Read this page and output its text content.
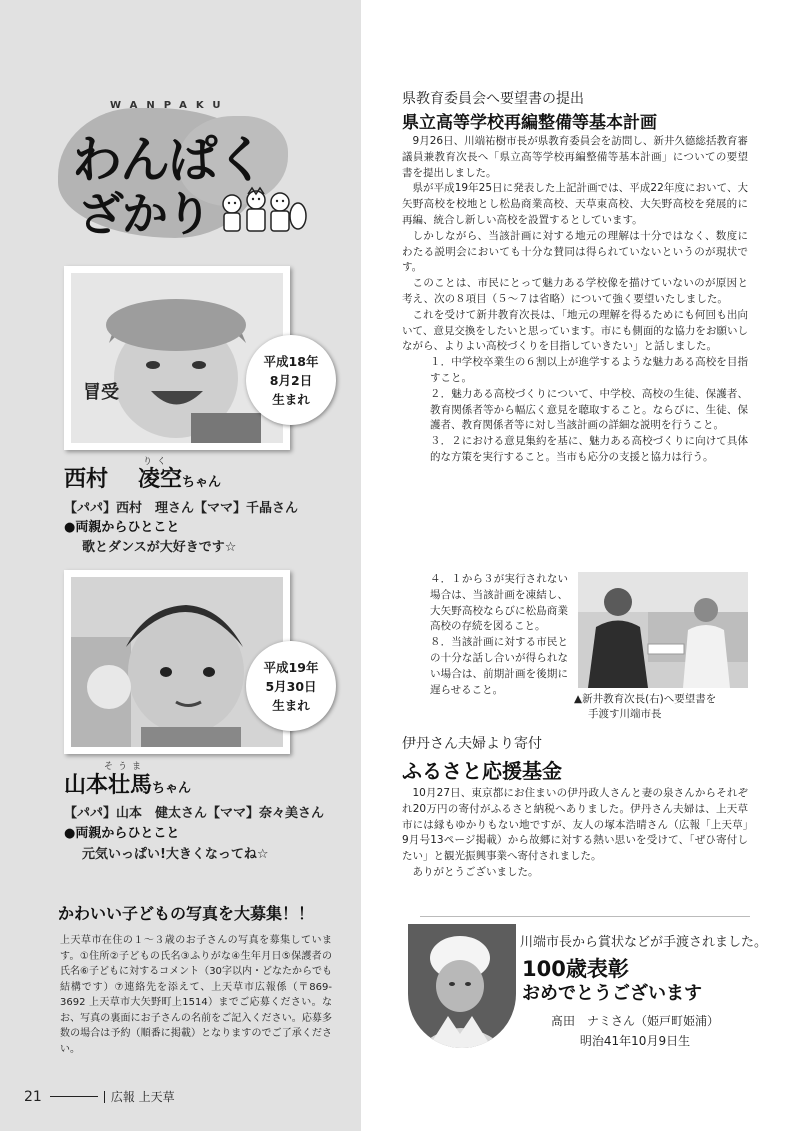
WANPAKU
わんぱく
ざかり
冒受
平成18年
8月2日
生まれ
りく
西村 凌空ちゃん
【パパ】西村　理さん【ママ】千晶さん
●両親からひとこと
歌とダンスが大好きです☆
平成19年
5月30日
生まれ
そうま
山本壮馬ちゃん
【パパ】山本　健太さん【ママ】奈々美さん
●両親からひとこと
元気いっぱい!大きくなってね☆
かわいい子どもの写真を大募集！！
上天草市在住の１～３歳のお子さんの写真を募集しています。①住所②子どもの氏名③ふりがな④生年月日⑤保護者の氏名⑥子どもに対するコメント（30字以内・どなたからでも結構です）⑦連絡先を添えて、上天草市広報係（〒869-3692 上天草市大矢野町上1514）までご応募ください。なお、写真の裏面にお子さんの名前をご記入ください。応募多数の場合は予約（順番に掲載）となりますのでご了承ください。
21	広報 上天草
県教育委員会へ要望書の提出
県立高等学校再編整備等基本計画

9月26日、川端祐樹市長が県教育委員会を訪問し、新井久德総括教育審議員兼教育次長へ「県立高等学校再編整備等基本計画」についての要望書を提出しました。

県が平成19年25日に発表した上記計画では、平成22年度において、大矢野高校を校地とし松島商業高校、天草東高校、大矢野高校を発展的に再編、統合し新しい高校を設置するとしています。

しかしながら、当該計画に対する地元の理解は十分ではなく、数度にわたる説明会においても十分な賛同は得られていないというのが現状です。

このことは、市民にとって魅力ある学校像を描けていないのが原因と考え、次の８項目（５～７は省略）について強く要望いたしました。

これを受けて新井教育次長は、「地元の理解を得るためにも何回も出向いて、意見交換をしたいと思っています。市にも側面的な協力をお願いしながら、よりよい高校づくりを目指していきたい」と話しました。

１．中学校卒業生の６割以上が進学するような魅力ある高校を目指すこと。

２．魅力ある高校づくりについて、中学校、高校の生徒、保護者、教育関係者等から幅広く意見を聴取すること。ならびに、生徒、保護者、教育関係者等に対し当該計画の詳細な説明を行うこと。

３．２における意見集約を基に、魅力ある高校づくりに向けて具体的な方策を実行すること。当市も応分の支援と協力は行う。

４．１から３が実行されない場合は、当該計画を凍結し、大矢野高校ならびに松島商業高校の存続を図ること。

８．当該計画に対する市民との十分な話し合いが得られない場合は、前期計画を後期に遅らせること。

▲新井教育次長(右)へ要望書を
手渡す川端市長
伊丹さん夫婦より寄付
ふるさと応援基金

10月27日、東京都にお住まいの伊丹政人さんと妻の泉さんからそれぞれ20万円の寄付がふるさと納税へありました。伊丹さん夫婦は、上天草市には縁もゆかりもない地ですが、友人の塚本浩晴さん（広報「上天草」9月号13ページ掲載）から故郷に対する熱い思いを受けて、「ぜひ寄付したい」と観光振興事業へ寄付されました。

ありがとうございました。

川端市長から賞状などが手渡されました。
100歳表彰
おめでとうございます
髙田　ナミさん（姫戸町姫浦）
明治41年10月9日生
